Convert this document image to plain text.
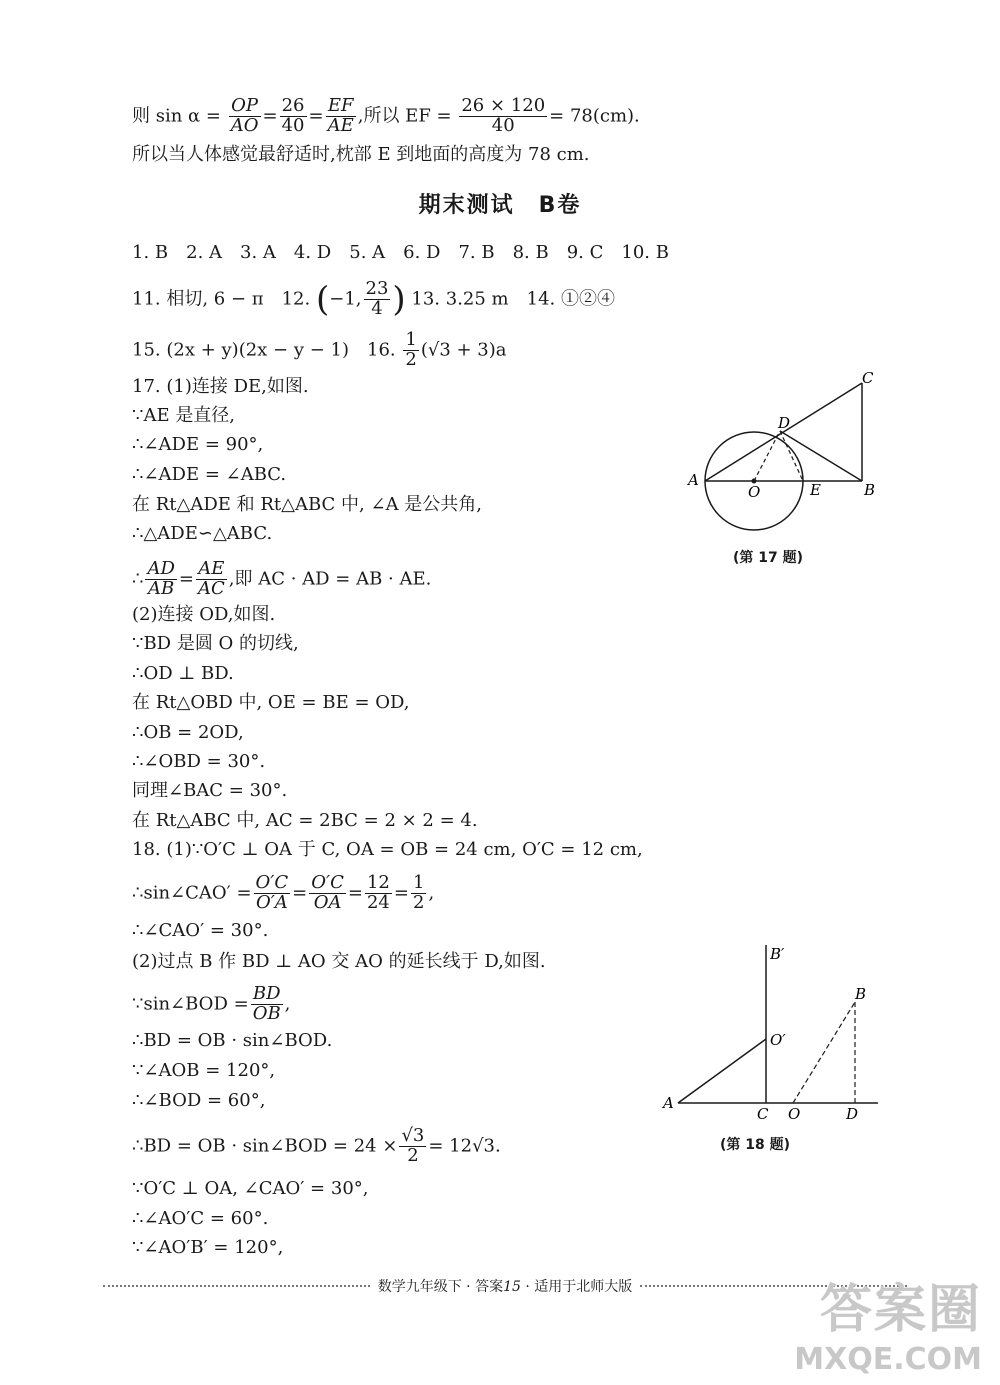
则 $\sin \alpha = \frac{OP}{AO} = \frac{26}{40} = \frac{EF}{AE}$ ,所以 EF = $\frac{26 \times 120}{40} = 78(cm)$.
所以当人体感觉最舒适时,枕部 E 到地面的高度为 78 cm.
期末测试　B卷
1. B　2. A　3. A　4. D　5. A　6. D　7. B　8. B　9. C　10. B
11. 相切, 6 − π　12. (−1, $\frac{23}{4}$ ) 13. 3.25 m　14. ①②④
15. (2x + y)(2x − y − 1)　16. $\frac{1}{2} (√3 + 3)a$
17. (1)连接 DE,如图.
∵AE 是直径,
∴∠ADE = 90°,
∴∠ADE = ∠ABC.
在 Rt△ADE 和 Rt△ABC 中, ∠A 是公共角,
∴△ADE∽△ABC.
∴ $\frac{AD}{AB} = \frac{AE}{AC}$ ,即 AC · AD = AB · AE.
(2)连接 OD,如图.
∵BD 是圆 O 的切线,
∴OD ⊥ BD.
在 Rt△OBD 中, OE = BE = OD,
∴OB = 2OD,
∴∠OBD = 30°.
同理∠BAC = 30°.
在 Rt△ABC 中, AC = 2BC = 2 × 2 = 4.
18. (1)∵O′C ⊥ OA 于 C, OA = OB = 24 cm, O′C = 12 cm,
∴sin∠CAO′ = $\frac{O'C}{O'A} = \frac{O'C}{OA} = \frac{12}{24} = \frac{1}{2}$ ,
∴∠CAO′ = 30°.
(2)过点 B 作 BD ⊥ AO 交 AO 的延长线于 D,如图.
∵sin∠BOD = $\frac{BD}{OB}$ ,
∴BD = OB · sin∠BOD.
∵∠AOB = 120°,
∴∠BOD = 60°,
∴BD = OB · sin∠BOD = $24 \times \frac{√3}{2} = 12√3$.
∵O′C ⊥ OA, ∠CAO′ = 30°,
∴∠AO′C = 60°.
∵∠AO′B′ = 120°,
A
B
C
D
E
O
(第 17 题)
A
B
B′
C	D
O
O′
(第 18 题)
数学九年级下 · 答案15 · 适用于北师大版	答案圈
MXQE.COM
